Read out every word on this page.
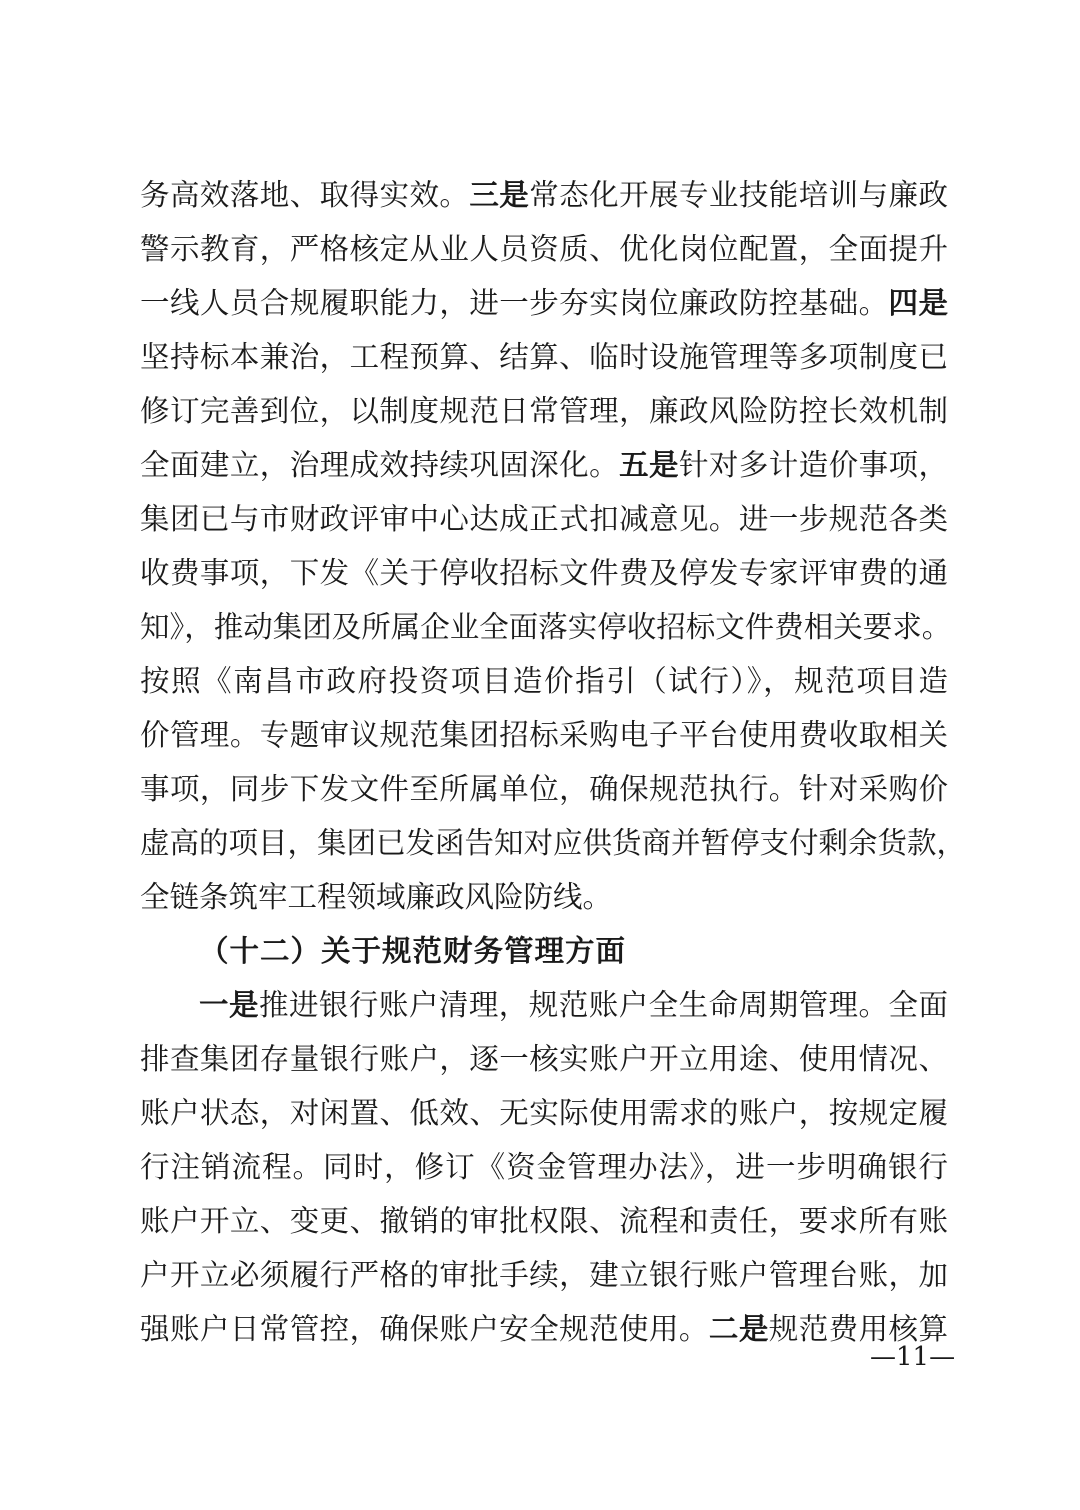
务高效落地、取得实效。三是常态化开展专业技能培训与廉政
警示教育，严格核定从业人员资质、优化岗位配置，全面提升
一线人员合规履职能力，进一步夯实岗位廉政防控基础。四是
坚持标本兼治，工程预算、结算、临时设施管理等多项制度已
修订完善到位，以制度规范日常管理，廉政风险防控长效机制
全面建立，治理成效持续巩固深化。五是针对多计造价事项，
集团已与市财政评审中心达成正式扣减意见。进一步规范各类
收费事项，下发《关于停收招标文件费及停发专家评审费的通
知》，推动集团及所属企业全面落实停收招标文件费相关要求。
按照《南昌市政府投资项目造价指引（试行）》，规范项目造
价管理。专题审议规范集团招标采购电子平台使用费收取相关
事项，同步下发文件至所属单位，确保规范执行。针对采购价
虚高的项目，集团已发函告知对应供货商并暂停支付剩余货款，
全链条筑牢工程领域廉政风险防线。
（十二）关于规范财务管理方面
一是推进银行账户清理，规范账户全生命周期管理。全面
排查集团存量银行账户，逐一核实账户开立用途、使用情况、
账户状态，对闲置、低效、无实际使用需求的账户，按规定履
行注销流程。同时，修订《资金管理办法》，进一步明确银行
账户开立、变更、撤销的审批权限、流程和责任，要求所有账
户开立必须履行严格的审批手续，建立银行账户管理台账，加
强账户日常管控，确保账户安全规范使用。二是规范费用核算
—11—
